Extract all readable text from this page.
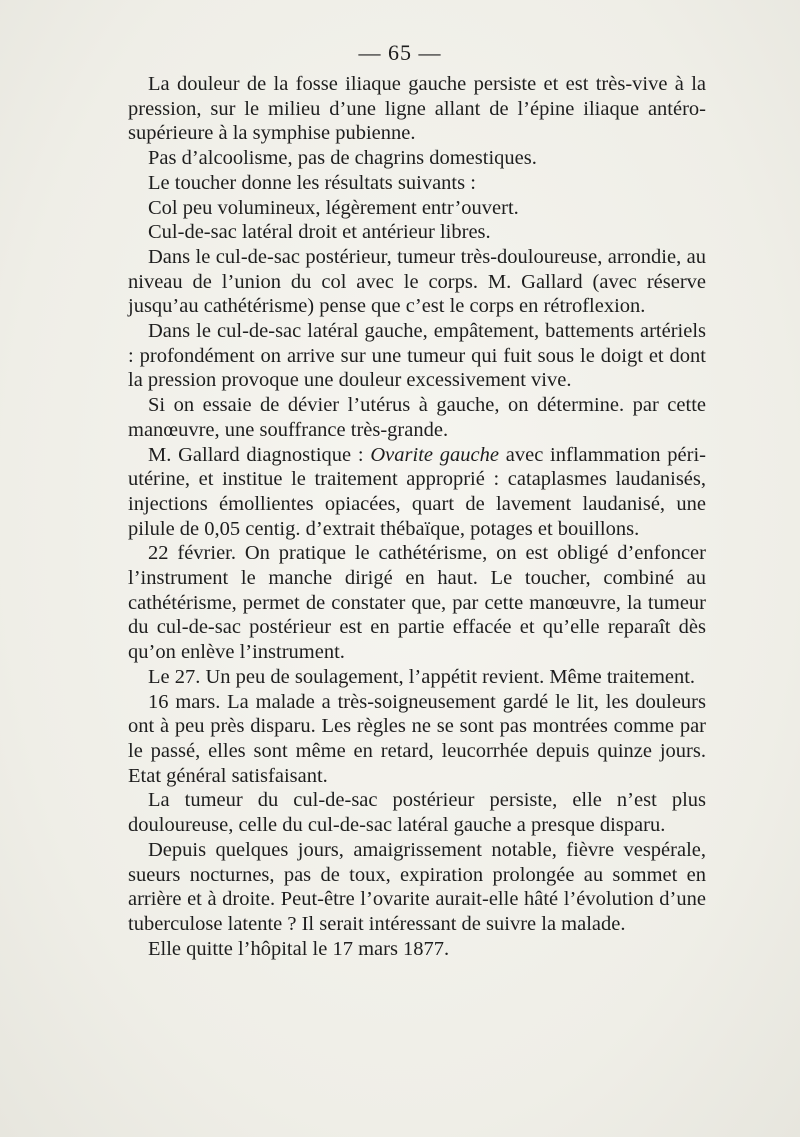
— 65 —

La douleur de la fosse iliaque gauche persiste et est très-vive à la pression, sur le milieu d’une ligne allant de l’épine iliaque antéro-supérieure à la symphise pubienne.

Pas d’alcoolisme, pas de chagrins domestiques.

Le toucher donne les résultats suivants :

Col peu volumineux, légèrement entr’ouvert.

Cul-de-sac latéral droit et antérieur libres.

Dans le cul-de-sac postérieur, tumeur très-douloureuse, arrondie, au niveau de l’union du col avec le corps. M. Gallard (avec réserve jusqu’au cathétérisme) pense que c’est le corps en rétroflexion.

Dans le cul-de-sac latéral gauche, empâtement, battements artériels : profondément on arrive sur une tumeur qui fuit sous le doigt et dont la pression provoque une douleur excessivement vive.

Si on essaie de dévier l’utérus à gauche, on détermine. par cette manœuvre, une souffrance très-grande.

M. Gallard diagnostique : Ovarite gauche avec inflammation péri-utérine, et institue le traitement approprié : cataplasmes laudanisés, injections émollientes opiacées, quart de lavement laudanisé, une pilule de 0,05 centig. d’extrait thébaïque, potages et bouillons.

22 février. On pratique le cathétérisme, on est obligé d’enfoncer l’instrument le manche dirigé en haut. Le toucher, combiné au cathétérisme, permet de constater que, par cette manœuvre, la tumeur du cul-de-sac postérieur est en partie effacée et qu’elle reparaît dès qu’on enlève l’instrument.

Le 27. Un peu de soulagement, l’appétit revient. Même traitement.

16 mars. La malade a très-soigneusement gardé le lit, les douleurs ont à peu près disparu. Les règles ne se sont pas montrées comme par le passé, elles sont même en retard, leucorrhée depuis quinze jours. Etat général satisfaisant.

La tumeur du cul-de-sac postérieur persiste, elle n’est plus douloureuse, celle du cul-de-sac latéral gauche a presque disparu.

Depuis quelques jours, amaigrissement notable, fièvre vespérale, sueurs nocturnes, pas de toux, expiration prolongée au sommet en arrière et à droite. Peut-être l’ovarite aurait-elle hâté l’évolution d’une tuberculose latente ? Il serait intéressant de suivre la malade.

Elle quitte l’hôpital le 17 mars 1877.
